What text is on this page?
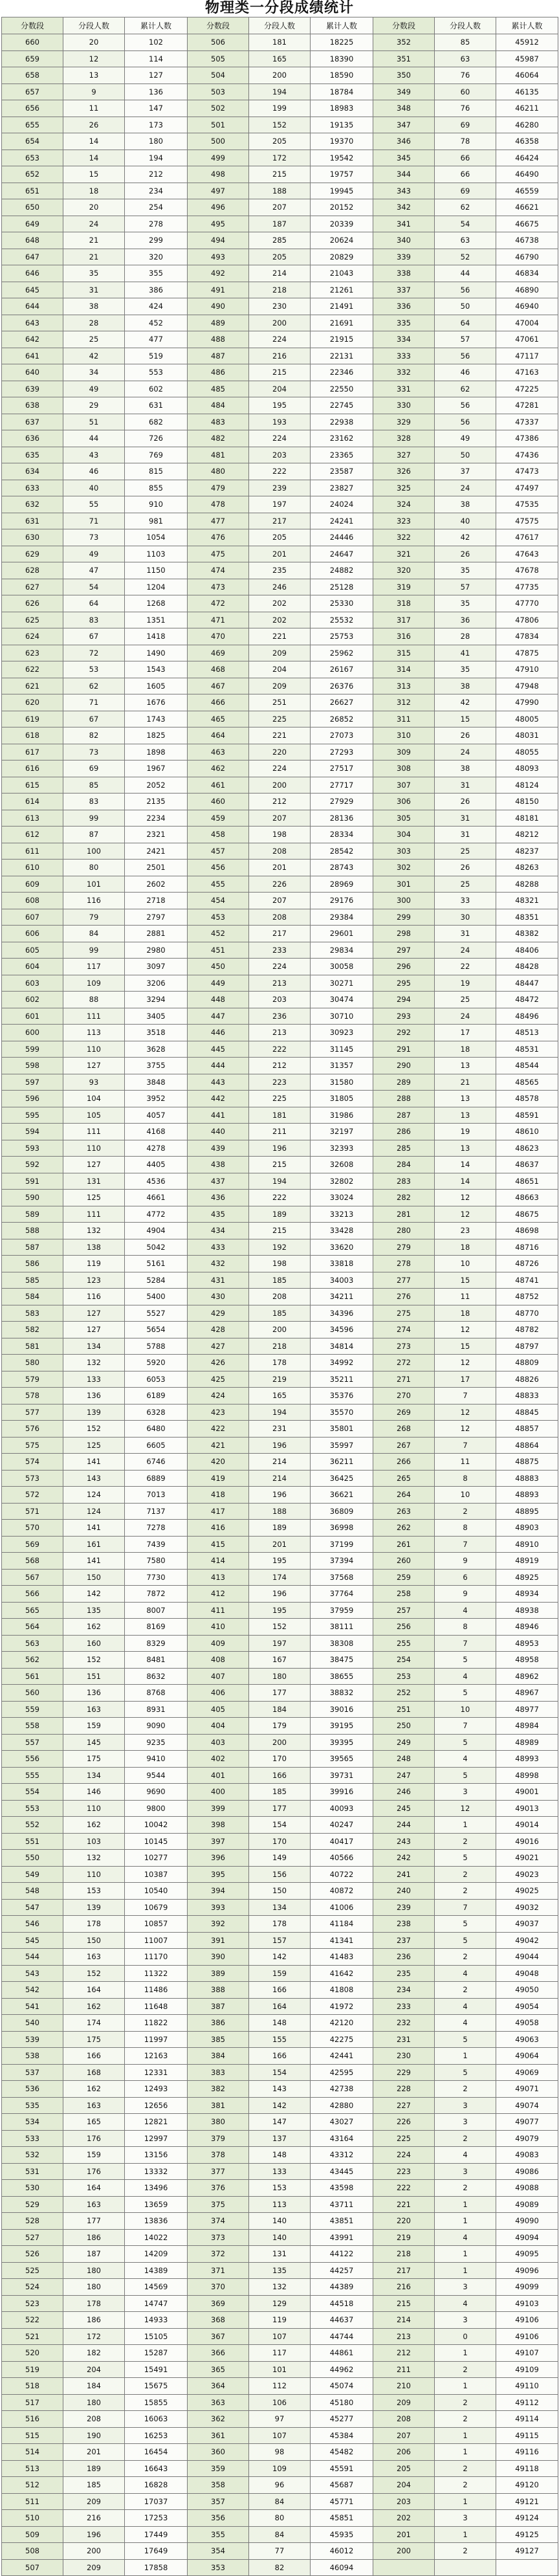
物理类一分段成绩统计
分数段	分段人数	累计人数	分数段	分段人数	累计人数	分数段	分段人数	累计人数
660	20	102	506	181	18225	352	85	45912
659	12	114	505	165	18390	351	63	45987
658	13	127	504	200	18590	350	76	46064
657	9	136	503	194	18784	349	60	46135
656	11	147	502	199	18983	348	76	46211
655	26	173	501	152	19135	347	69	46280
654	14	180	500	205	19370	346	78	46358
653	14	194	499	172	19542	345	66	46424
652	15	212	498	215	19757	344	66	46490
651	18	234	497	188	19945	343	69	46559
650	20	254	496	207	20152	342	62	46621
649	24	278	495	187	20339	341	54	46675
648	21	299	494	285	20624	340	63	46738
647	21	320	493	205	20829	339	52	46790
646	35	355	492	214	21043	338	44	46834
645	31	386	491	218	21261	337	56	46890
644	38	424	490	230	21491	336	50	46940
643	28	452	489	200	21691	335	64	47004
642	25	477	488	224	21915	334	57	47061
641	42	519	487	216	22131	333	56	47117
640	34	553	486	215	22346	332	46	47163
639	49	602	485	204	22550	331	62	47225
638	29	631	484	195	22745	330	56	47281
637	51	682	483	193	22938	329	56	47337
636	44	726	482	224	23162	328	49	47386
635	43	769	481	203	23365	327	50	47436
634	46	815	480	222	23587	326	37	47473
633	40	855	479	239	23827	325	24	47497
632	55	910	478	197	24024	324	38	47535
631	71	981	477	217	24241	323	40	47575
630	73	1054	476	205	24446	322	42	47617
629	49	1103	475	201	24647	321	26	47643
628	47	1150	474	235	24882	320	35	47678
627	54	1204	473	246	25128	319	57	47735
626	64	1268	472	202	25330	318	35	47770
625	83	1351	471	202	25532	317	36	47806
624	67	1418	470	221	25753	316	28	47834
623	72	1490	469	209	25962	315	41	47875
622	53	1543	468	204	26167	314	35	47910
621	62	1605	467	209	26376	313	38	47948
620	71	1676	466	251	26627	312	42	47990
619	67	1743	465	225	26852	311	15	48005
618	82	1825	464	221	27073	310	26	48031
617	73	1898	463	220	27293	309	24	48055
616	69	1967	462	224	27517	308	38	48093
615	85	2052	461	200	27717	307	31	48124
614	83	2135	460	212	27929	306	26	48150
613	99	2234	459	207	28136	305	31	48181
612	87	2321	458	198	28334	304	31	48212
611	100	2421	457	208	28542	303	25	48237
610	80	2501	456	201	28743	302	26	48263
609	101	2602	455	226	28969	301	25	48288
608	116	2718	454	207	29176	300	33	48321
607	79	2797	453	208	29384	299	30	48351
606	84	2881	452	217	29601	298	31	48382
605	99	2980	451	233	29834	297	24	48406
604	117	3097	450	224	30058	296	22	48428
603	109	3206	449	213	30271	295	19	48447
602	88	3294	448	203	30474	294	25	48472
601	111	3405	447	236	30710	293	24	48496
600	113	3518	446	213	30923	292	17	48513
599	110	3628	445	222	31145	291	18	48531
598	127	3755	444	212	31357	290	13	48544
597	93	3848	443	223	31580	289	21	48565
596	104	3952	442	225	31805	288	13	48578
595	105	4057	441	181	31986	287	13	48591
594	111	4168	440	211	32197	286	19	48610
593	110	4278	439	196	32393	285	13	48623
592	127	4405	438	215	32608	284	14	48637
591	131	4536	437	194	32802	283	14	48651
590	125	4661	436	222	33024	282	12	48663
589	111	4772	435	189	33213	281	12	48675
588	132	4904	434	215	33428	280	23	48698
587	138	5042	433	192	33620	279	18	48716
586	119	5161	432	198	33818	278	10	48726
585	123	5284	431	185	34003	277	15	48741
584	116	5400	430	208	34211	276	11	48752
583	127	5527	429	185	34396	275	18	48770
582	127	5654	428	200	34596	274	12	48782
581	134	5788	427	218	34814	273	15	48797
580	132	5920	426	178	34992	272	12	48809
579	133	6053	425	219	35211	271	17	48826
578	136	6189	424	165	35376	270	7	48833
577	139	6328	423	194	35570	269	12	48845
576	152	6480	422	231	35801	268	12	48857
575	125	6605	421	196	35997	267	7	48864
574	141	6746	420	214	36211	266	11	48875
573	143	6889	419	214	36425	265	8	48883
572	124	7013	418	196	36621	264	10	48893
571	124	7137	417	188	36809	263	2	48895
570	141	7278	416	189	36998	262	8	48903
569	161	7439	415	201	37199	261	7	48910
568	141	7580	414	195	37394	260	9	48919
567	150	7730	413	174	37568	259	6	48925
566	142	7872	412	196	37764	258	9	48934
565	135	8007	411	195	37959	257	4	48938
564	162	8169	410	152	38111	256	8	48946
563	160	8329	409	197	38308	255	7	48953
562	152	8481	408	167	38475	254	5	48958
561	151	8632	407	180	38655	253	4	48962
560	136	8768	406	177	38832	252	5	48967
559	163	8931	405	184	39016	251	10	48977
558	159	9090	404	179	39195	250	7	48984
557	145	9235	403	200	39395	249	5	48989
556	175	9410	402	170	39565	248	4	48993
555	134	9544	401	166	39731	247	5	48998
554	146	9690	400	185	39916	246	3	49001
553	110	9800	399	177	40093	245	12	49013
552	162	10042	398	154	40247	244	1	49014
551	103	10145	397	170	40417	243	2	49016
550	132	10277	396	149	40566	242	5	49021
549	110	10387	395	156	40722	241	2	49023
548	153	10540	394	150	40872	240	2	49025
547	139	10679	393	134	41006	239	7	49032
546	178	10857	392	178	41184	238	5	49037
545	150	11007	391	157	41341	237	5	49042
544	163	11170	390	142	41483	236	2	49044
543	152	11322	389	159	41642	235	4	49048
542	164	11486	388	166	41808	234	2	49050
541	162	11648	387	164	41972	233	4	49054
540	174	11822	386	148	42120	232	4	49058
539	175	11997	385	155	42275	231	5	49063
538	166	12163	384	166	42441	230	1	49064
537	168	12331	383	154	42595	229	5	49069
536	162	12493	382	143	42738	228	2	49071
535	163	12656	381	142	42880	227	3	49074
534	165	12821	380	147	43027	226	3	49077
533	176	12997	379	137	43164	225	2	49079
532	159	13156	378	148	43312	224	4	49083
531	176	13332	377	133	43445	223	3	49086
530	164	13496	376	153	43598	222	2	49088
529	163	13659	375	113	43711	221	1	49089
528	177	13836	374	140	43851	220	1	49090
527	186	14022	373	140	43991	219	4	49094
526	187	14209	372	131	44122	218	1	49095
525	180	14389	371	135	44257	217	1	49096
524	180	14569	370	132	44389	216	3	49099
523	178	14747	369	129	44518	215	4	49103
522	186	14933	368	119	44637	214	3	49106
521	172	15105	367	107	44744	213	0	49106
520	182	15287	366	117	44861	212	1	49107
519	204	15491	365	101	44962	211	2	49109
518	184	15675	364	112	45074	210	1	49110
517	180	15855	363	106	45180	209	2	49112
516	208	16063	362	97	45277	208	2	49114
515	190	16253	361	107	45384	207	1	49115
514	201	16454	360	98	45482	206	1	49116
513	189	16643	359	109	45591	205	2	49118
512	185	16828	358	96	45687	204	2	49120
511	209	17037	357	84	45771	203	1	49121
510	216	17253	356	80	45851	202	3	49124
509	196	17449	355	84	45935	201	1	49125
508	200	17649	354	77	46012	200	2	49127
507	209	17858	353	82	46094			
